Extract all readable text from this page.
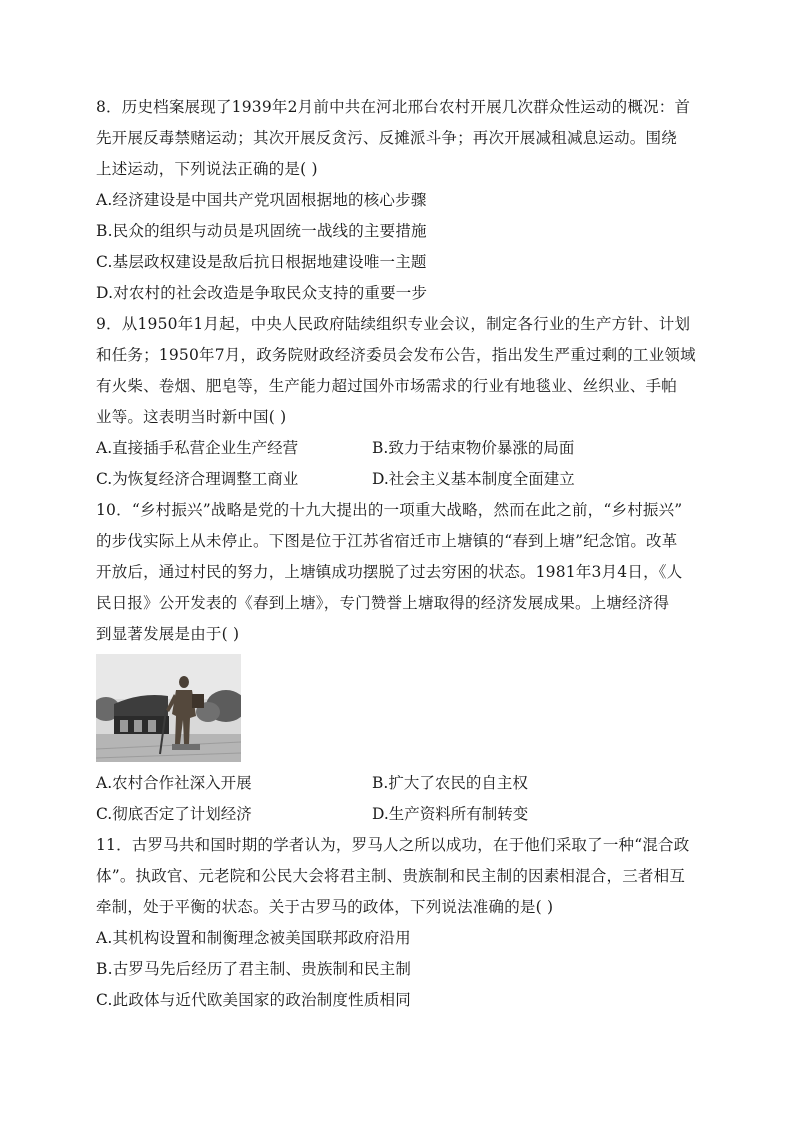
8．历史档案展现了1939年2月前中共在河北邢台农村开展几次群众性运动的概况：首
先开展反毒禁赌运动；其次开展反贪污、反摊派斗争；再次开展减租减息运动。围绕
上述运动，下列说法正确的是( )
A.经济建设是中国共产党巩固根据地的核心步骤
B.民众的组织与动员是巩固统一战线的主要措施
C.基层政权建设是敌后抗日根据地建设唯一主题
D.对农村的社会改造是争取民众支持的重要一步
9．从1950年1月起，中央人民政府陆续组织专业会议，制定各行业的生产方针、计划
和任务；1950年7月，政务院财政经济委员会发布公告，指出发生严重过剩的工业领域
有火柴、卷烟、肥皂等，生产能力超过国外市场需求的行业有地毯业、丝织业、手帕
业等。这表明当时新中国( )
A.直接插手私营企业生产经营	B.致力于结束物价暴涨的局面
C.为恢复经济合理调整工商业	D.社会主义基本制度全面建立
10．“乡村振兴”战略是党的十九大提出的一项重大战略，然而在此之前，“乡村振兴”
的步伐实际上从未停止。下图是位于江苏省宿迁市上塘镇的“春到上塘”纪念馆。改革
开放后，通过村民的努力，上塘镇成功摆脱了过去穷困的状态。1981年3月4日，《人
民日报》公开发表的《春到上塘》，专门赞誉上塘取得的经济发展成果。上塘经济得
到显著发展是由于( )
A.农村合作社深入开展	B.扩大了农民的自主权
C.彻底否定了计划经济	D.生产资料所有制转变
11．古罗马共和国时期的学者认为，罗马人之所以成功，在于他们采取了一种“混合政
体”。执政官、元老院和公民大会将君主制、贵族制和民主制的因素相混合，三者相互
牵制，处于平衡的状态。关于古罗马的政体，下列说法准确的是( )
A.其机构设置和制衡理念被美国联邦政府沿用
B.古罗马先后经历了君主制、贵族制和民主制
C.此政体与近代欧美国家的政治制度性质相同
